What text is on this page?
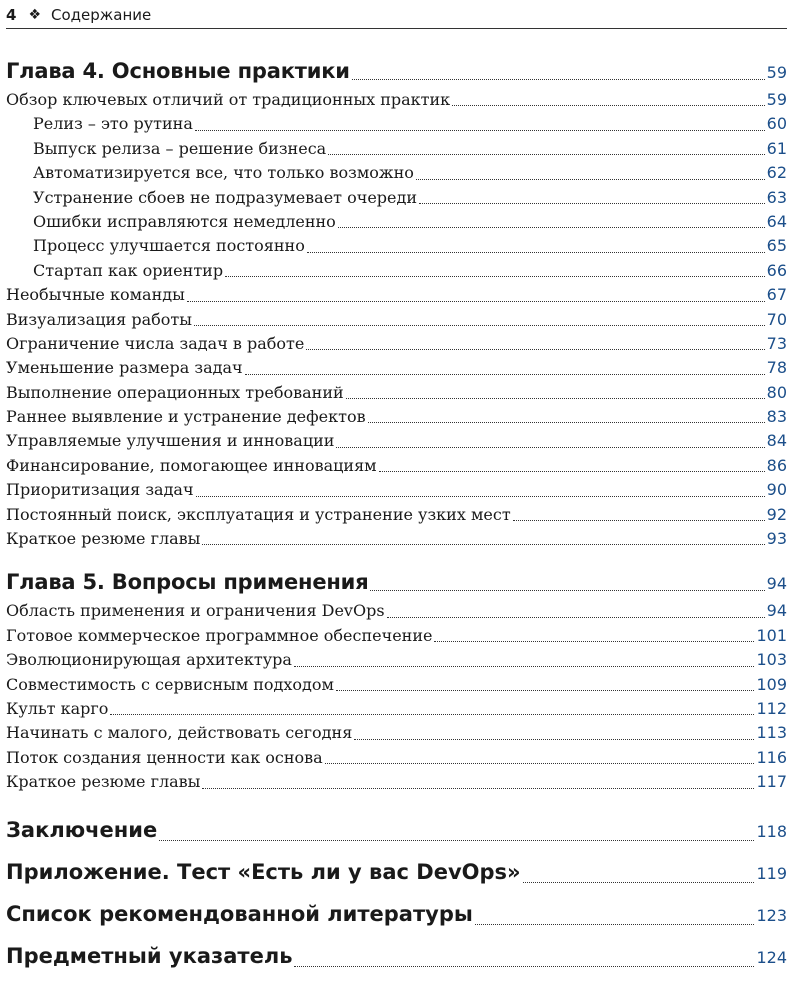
4 ❖ Содержание
Глава 4. Основные практики	59
Обзор ключевых отличий от традиционных практик	59
Релиз – это рутина	60
Выпуск релиза – решение бизнеса	61
Автоматизируется все, что только возможно	62
Устранение сбоев не подразумевает очереди	63
Ошибки исправляются немедленно	64
Процесс улучшается постоянно	65
Стартап как ориентир	66
Необычные команды	67
Визуализация работы	70
Ограничение числа задач в работе	73
Уменьшение размера задач	78
Выполнение операционных требований	80
Раннее выявление и устранение дефектов	83
Управляемые улучшения и инновации	84
Финансирование, помогающее инновациям	86
Приоритизация задач	90
Постоянный поиск, эксплуатация и устранение узких мест	92
Краткое резюме главы	93
Глава 5. Вопросы применения	94
Область применения и ограничения DevOps	94
Готовое коммерческое программное обеспечение	101
Эволюционирующая архитектура	103
Совместимость с сервисным подходом	109
Культ карго	112
Начинать с малого, действовать сегодня	113
Поток создания ценности как основа	116
Краткое резюме главы	117
Заключение	118
Приложение. Тест «Есть ли у вас DevOps»	119
Список рекомендованной литературы	123
Предметный указатель	124
